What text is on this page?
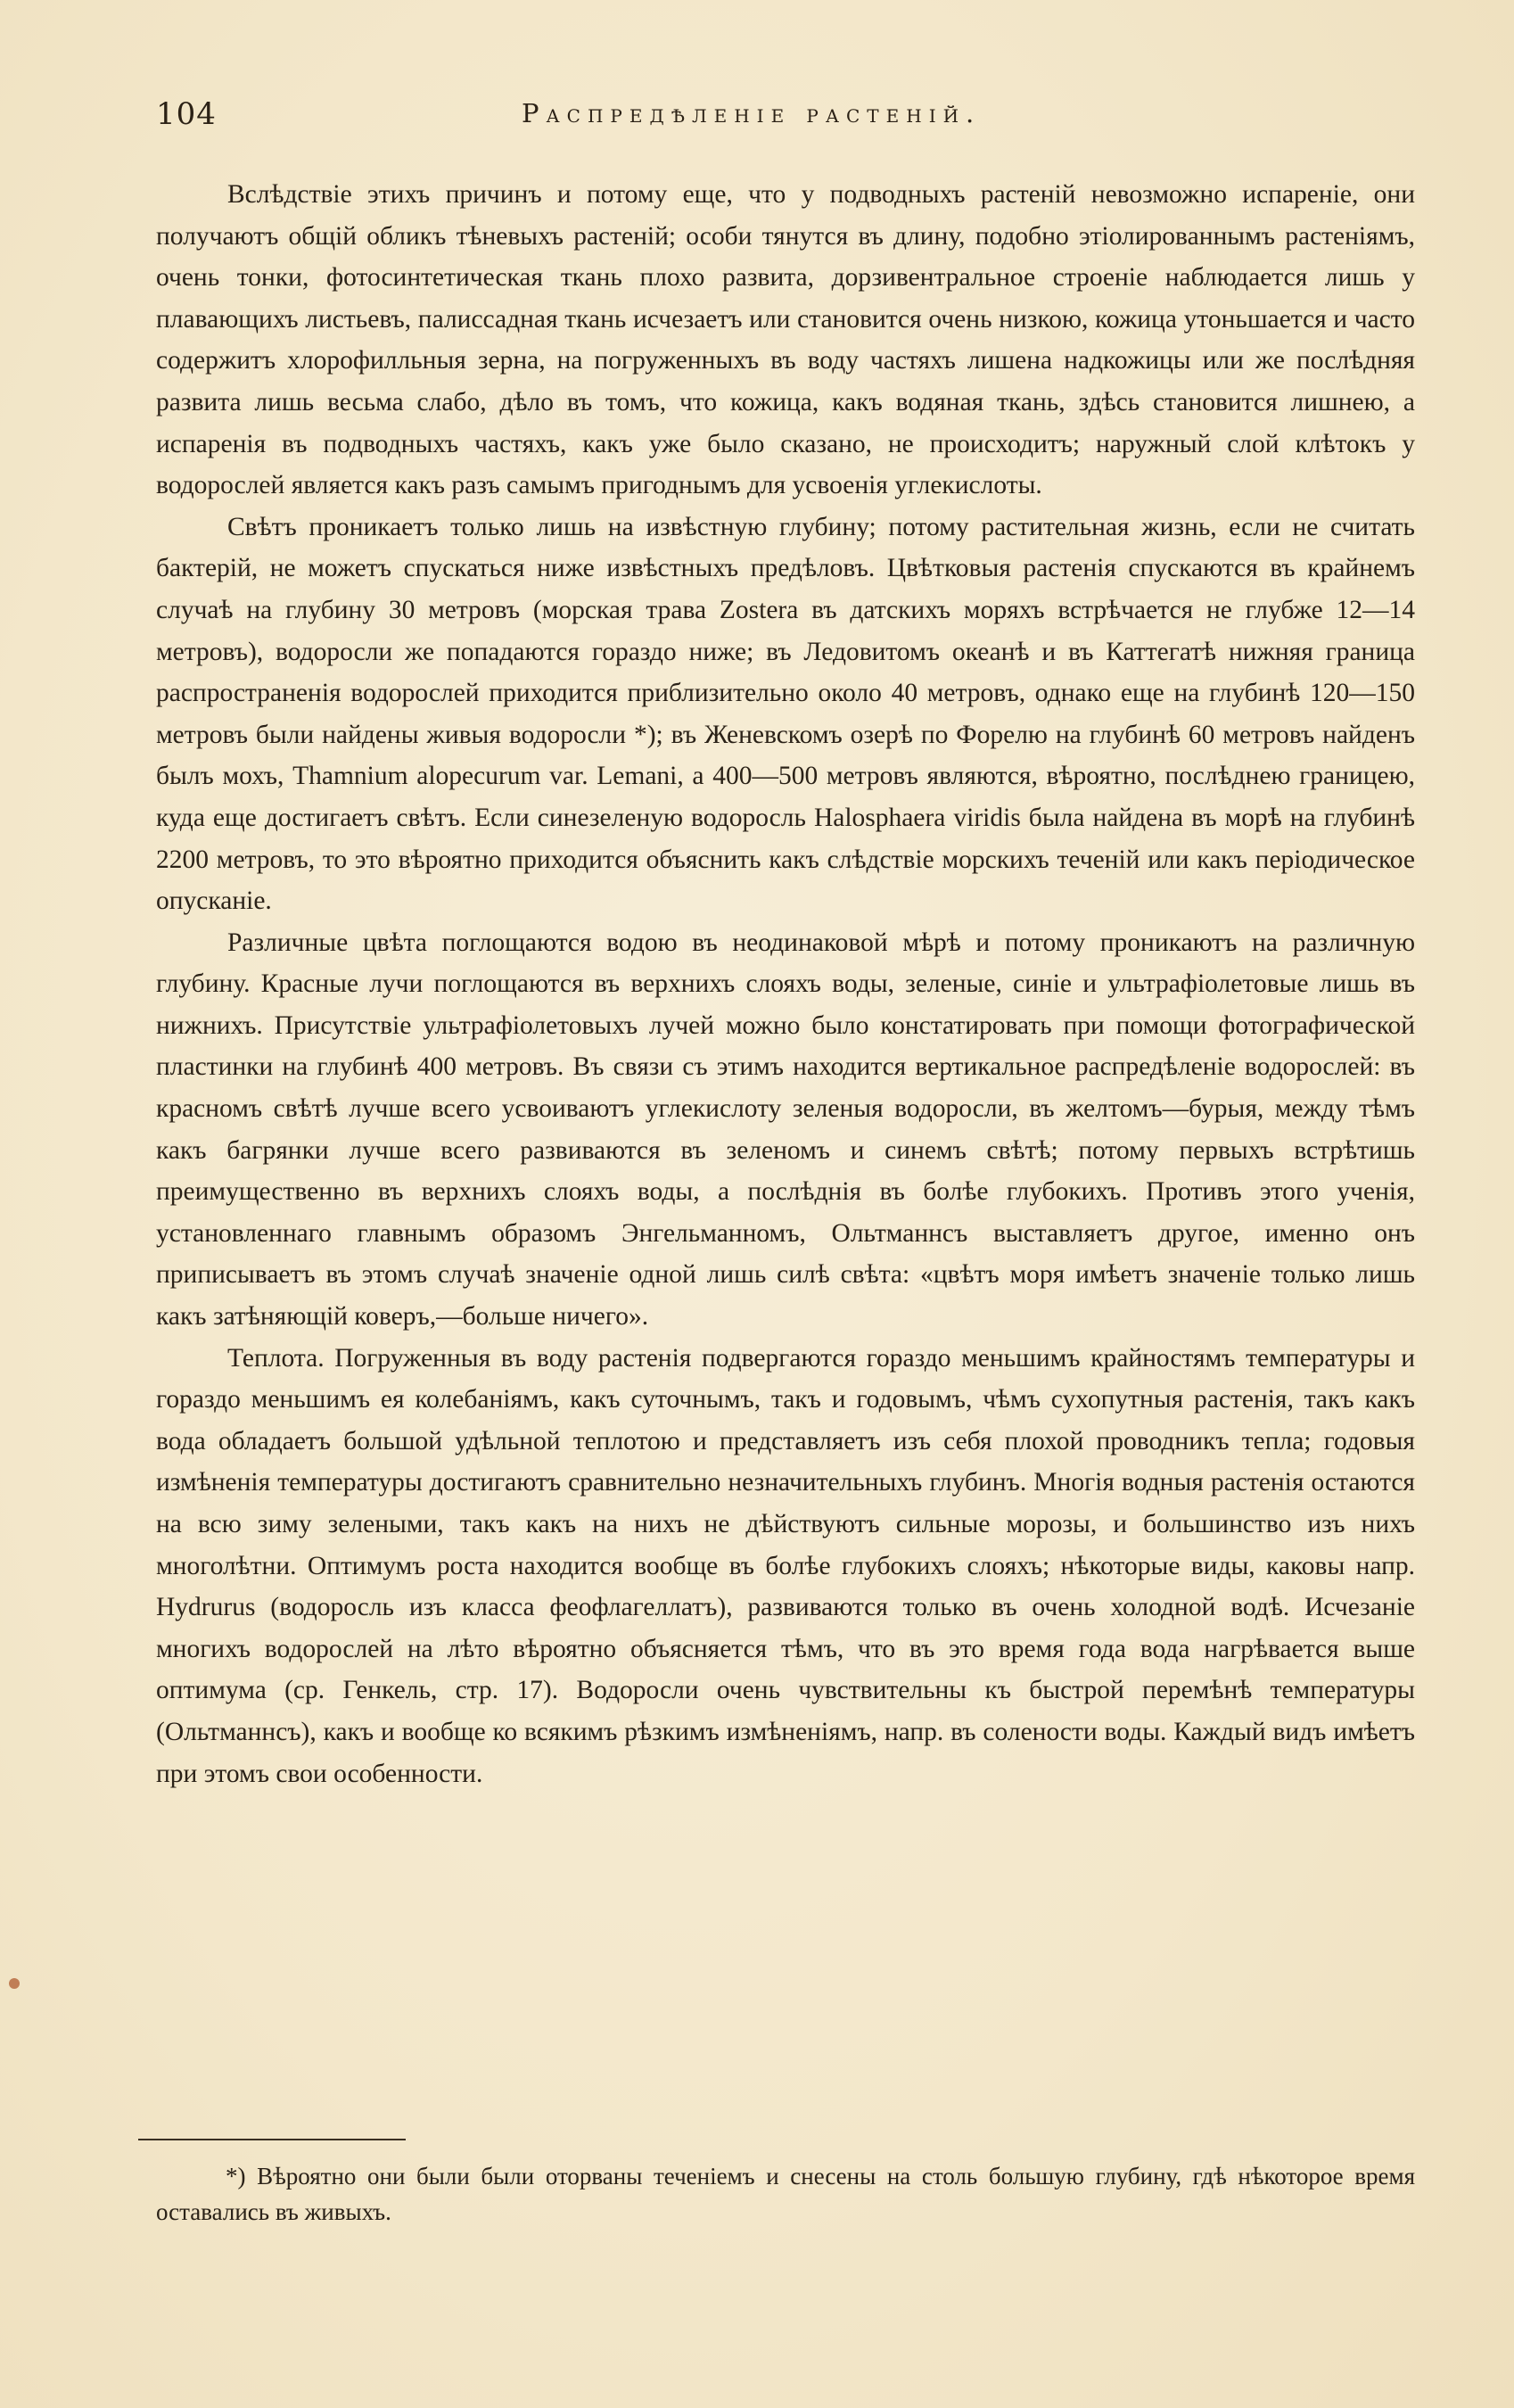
104	Распредѣленіе растеній.

Вслѣдствіе этихъ причинъ и потому еще, что у подводныхъ растеній невозможно испареніе, они получаютъ общій обликъ тѣневыхъ растеній; особи тянутся въ длину, подобно этіолированнымъ растеніямъ, очень тонки, фотосинтетическая ткань плохо развита, дорзивентральное строеніе наблюдается лишь у плавающихъ листьевъ, палиссадная ткань исчезаетъ или становится очень низкою, кожица утоньшается и часто содержитъ хлорофилльныя зерна, на погруженныхъ въ воду частяхъ лишена надкожицы или же послѣдняя развита лишь весьма слабо, дѣло въ томъ, что кожица, какъ водяная ткань, здѣсь становится лишнею, а испаренія въ подводныхъ частяхъ, какъ уже было сказано, не происходитъ; наружный слой клѣтокъ у водорослей является какъ разъ самымъ пригоднымъ для усвоенія углекислоты.

Свѣтъ проникаетъ только лишь на извѣстную глубину; потому растительная жизнь, если не считать бактерій, не можетъ спускаться ниже извѣстныхъ предѣловъ. Цвѣтковыя растенія спускаются въ крайнемъ случаѣ на глубину 30 метровъ (морская трава Zostera въ датскихъ моряхъ встрѣчается не глубже 12—14 метровъ), водоросли же попадаются гораздо ниже; въ Ледовитомъ океанѣ и въ Каттегатѣ нижняя граница распространенія водорослей приходится приблизительно около 40 метровъ, однако еще на глубинѣ 120—150 метровъ были найдены живыя водоросли *); въ Женевскомъ озерѣ по Форелю на глубинѣ 60 метровъ найденъ былъ мохъ, Thamnium alopecurum var. Lemani, а 400—500 метровъ являются, вѣроятно, послѣднею границею, куда еще достигаетъ свѣтъ. Если синезеленую водоросль Halosphaera viridis была найдена въ морѣ на глубинѣ 2200 метровъ, то это вѣроятно приходится объяснить какъ слѣдствіе морскихъ теченій или какъ періодическое опусканіе.

Различные цвѣта поглощаются водою въ неодинаковой мѣрѣ и потому проникаютъ на различную глубину. Красные лучи поглощаются въ верхнихъ слояхъ воды, зеленые, синіе и ультрафіолетовые лишь въ нижнихъ. Присутствіе ультрафіолетовыхъ лучей можно было констатировать при помощи фотографической пластинки на глубинѣ 400 метровъ. Въ связи съ этимъ находится вертикальное распредѣленіе водорослей: въ красномъ свѣтѣ лучше всего усвоиваютъ углекислоту зеленыя водоросли, въ желтомъ—бурыя, между тѣмъ какъ багрянки лучше всего развиваются въ зеленомъ и синемъ свѣтѣ; потому первыхъ встрѣтишь преимущественно въ верхнихъ слояхъ воды, а послѣднія въ болѣе глубокихъ. Противъ этого ученія, установленнаго главнымъ образомъ Энгельманномъ, Ольтманнсъ выставляетъ другое, именно онъ приписываетъ въ этомъ случаѣ значеніе одной лишь силѣ свѣта: «цвѣтъ моря имѣетъ значеніе только лишь какъ затѣняющій коверъ,—больше ничего».

Теплота. Погруженныя въ воду растенія подвергаются гораздо меньшимъ крайностямъ температуры и гораздо меньшимъ ея колебаніямъ, какъ суточнымъ, такъ и годовымъ, чѣмъ сухопутныя растенія, такъ какъ вода обладаетъ большой удѣльной теплотою и представляетъ изъ себя плохой проводникъ тепла; годовыя измѣненія температуры достигаютъ сравнительно незначительныхъ глубинъ. Многія водныя растенія остаются на всю зиму зелеными, такъ какъ на нихъ не дѣйствуютъ сильные морозы, и большинство изъ нихъ многолѣтни. Оптимумъ роста находится вообще въ болѣе глубокихъ слояхъ; нѣкоторые виды, каковы напр. Hydrurus (водоросль изъ класса феофлагеллатъ), развиваются только въ очень холодной водѣ. Исчезаніе многихъ водорослей на лѣто вѣроятно объясняется тѣмъ, что въ это время года вода нагрѣвается выше оптимума (ср. Генкель, стр. 17). Водоросли очень чувствительны къ быстрой перемѣнѣ температуры (Ольтманнсъ), какъ и вообще ко всякимъ рѣзкимъ измѣненіямъ, напр. въ солености воды. Каждый видъ имѣетъ при этомъ свои особенности.

*) Вѣроятно они были были оторваны теченіемъ и снесены на столь большую глубину, гдѣ нѣкоторое время оставались въ живыхъ.
